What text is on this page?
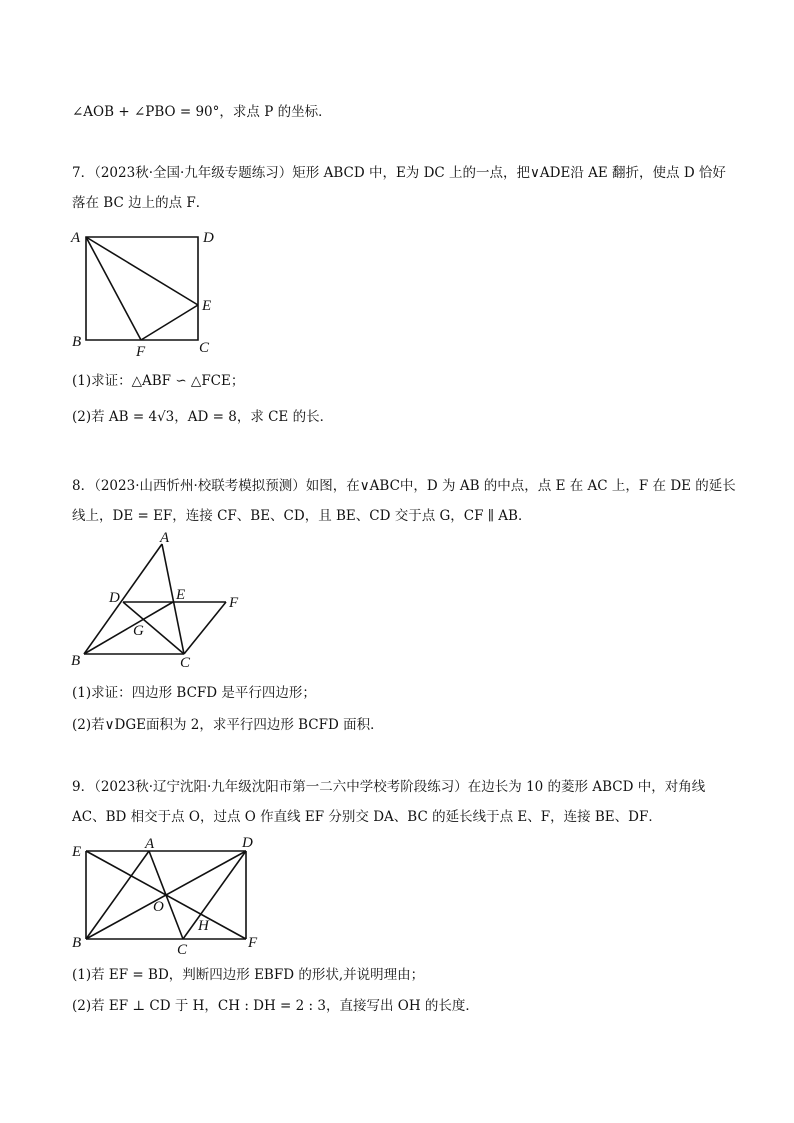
∠AOB + ∠PBO = 90°，求点 P 的坐标．
7．（2023秋·全国·九年级专题练习）矩形 ABCD 中，E为 DC 上的一点，把∨ADE沿 AE 翻折，使点 D 恰好
落在 BC 边上的点 F．
A	D
E
B
F	C
(1)求证：△ABF ∽ △FCE；
(2)若 AB = 4√3，AD = 8，求 CE 的长．
8．（2023·山西忻州·校联考模拟预测）如图，在∨ABC中，D 为 AB 的中点，点 E 在 AC 上，F 在 DE 的延长
线上，DE = EF，连接 CF、BE、CD，且 BE、CD 交于点 G，CF ∥ AB．
A
D	E	F
G
B	C
(1)求证：四边形 BCFD 是平行四边形；
(2)若∨DGE面积为 2，求平行四边形 BCFD 面积．
9．（2023秋·辽宁沈阳·九年级沈阳市第一二六中学校考阶段练习）在边长为 10 的菱形 ABCD 中，对角线
AC、BD 相交于点 O，过点 O 作直线 EF 分别交 DA、BC 的延长线于点 E、F，连接 BE、DF．
E	A	D
O
H
B	C	F
(1)若 EF = BD，判断四边形 EBFD 的形状,并说明理由；
(2)若 EF ⊥ CD 于 H，CH : DH = 2 : 3，直接写出 OH 的长度．
